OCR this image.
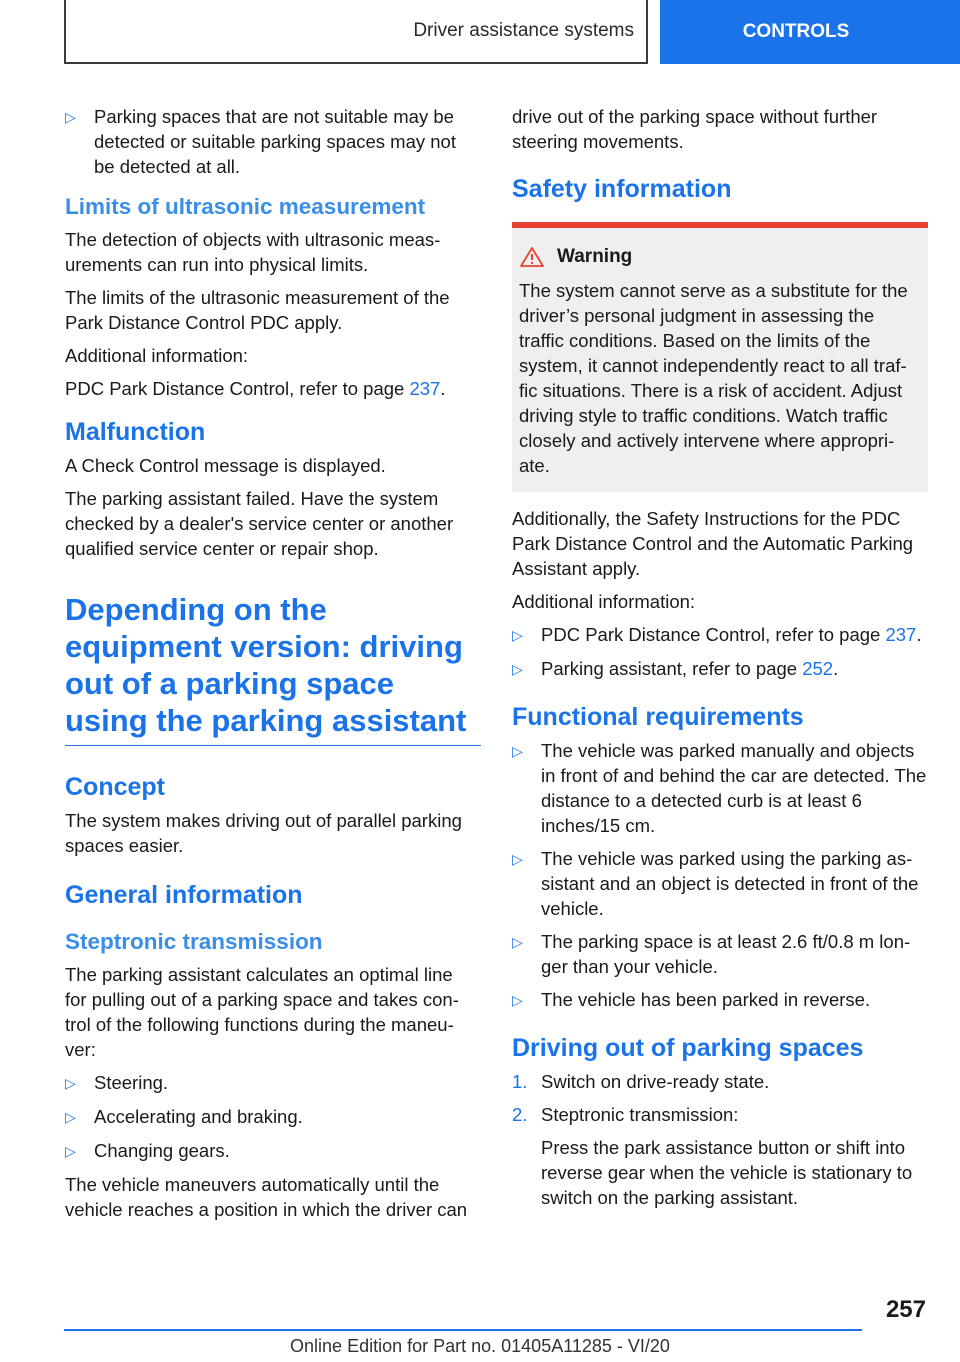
Driver assistance systems	CONTROLS
▷ Parking spaces that are not suitable may be detected or suitable parking spaces may not be detected at all.
Limits of ultrasonic measurement

The detection of objects with ultrasonic meas‐urements can run into physical limits.

The limits of the ultrasonic measurement of the Park Distance Control PDC apply.

Additional information:

PDC Park Distance Control, refer to page 237.

Malfunction

A Check Control message is displayed.

The parking assistant failed. Have the system checked by a dealer's service center or another qualified service center or repair shop.

Depending on the equipment version: driving out of a parking space using the parking assistant
Concept

The system makes driving out of parallel parking spaces easier.

General information
Steptronic transmission

The parking assistant calculates an optimal line for pulling out of a parking space and takes con‐trol of the following functions during the maneu‐ver:

▷ Steering.
▷ Accelerating and braking.
▷ Changing gears.

The vehicle maneuvers automatically until the vehicle reaches a position in which the driver can

drive out of the parking space without further steering movements.

Safety information
Warning

The system cannot serve as a substitute for the driver’s personal judgment in assessing the traffic conditions. Based on the limits of the system, it cannot independently react to all traf‐fic situations. There is a risk of accident. Adjust driving style to traffic conditions. Watch traffic closely and actively intervene where appropri‐ate.

Additionally, the Safety Instructions for the PDC Park Distance Control and the Automatic Parking Assistant apply.

Additional information:

▷ PDC Park Distance Control, refer to page 237.
▷ Parking assistant, refer to page 252.
Functional requirements
▷ The vehicle was parked manually and objects in front of and behind the car are detected. The distance to a detected curb is at least 6 inches/15 cm.
▷ The vehicle was parked using the parking as‐sistant and an object is detected in front of the vehicle.
▷ The parking space is at least 2.6 ft/0.8 m lon‐ger than your vehicle.
▷ The vehicle has been parked in reverse.
Driving out of parking spaces
1. Switch on drive-ready state.
2. Steptronic transmission:

Press the park assistance button or shift into reverse gear when the vehicle is stationary to switch on the parking assistant.

257
Online Edition for Part no. 01405A11285 - VI/20
